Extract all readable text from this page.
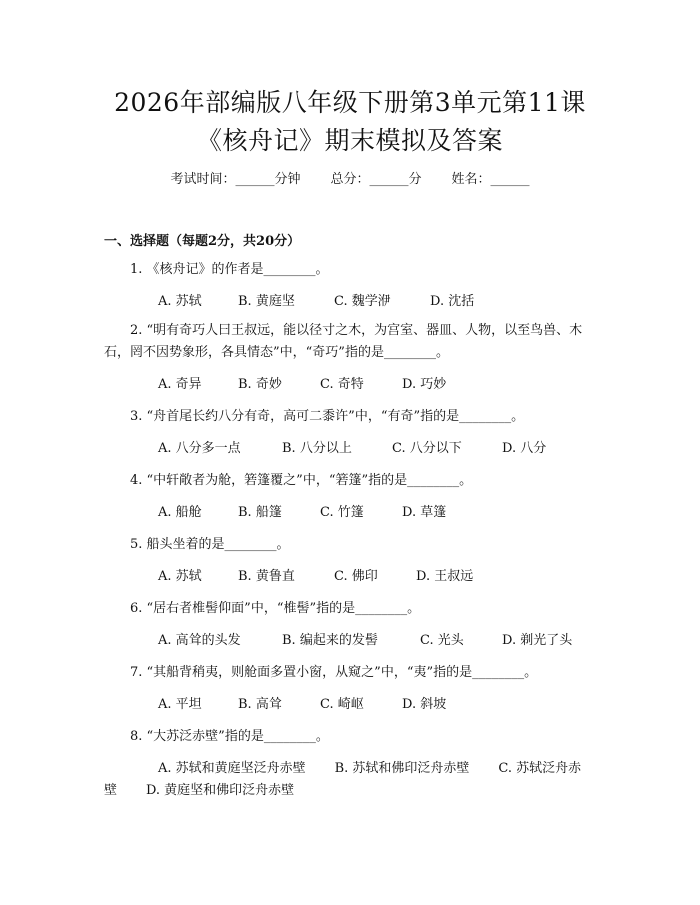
2026年部编版八年级下册第3单元第11课
《核舟记》期末模拟及答案
考试时间：______分钟 总分：______分 姓名：______
一、选择题（每题2分，共20分）
1. 《核舟记》的作者是________。
A. 苏轼	B. 黄庭坚	C. 魏学洢	D. 沈括
2. “明有奇巧人曰王叔远，能以径寸之木，为宫室、器皿、人物，以至鸟兽、木石，罔不因势象形，各具情态”中，“奇巧”指的是________。
A. 奇异	B. 奇妙	C. 奇特	D. 巧妙
3. “舟首尾长约八分有奇，高可二黍许”中，“有奇”指的是________。
A. 八分多一点	B. 八分以上	C. 八分以下	D. 八分
4. “中轩敞者为舱，箬篷覆之”中，“箬篷”指的是________。
A. 船舱	B. 船篷	C. 竹篷	D. 草篷
5. 船头坐着的是________。
A. 苏轼	B. 黄鲁直	C. 佛印	D. 王叔远
6. “居右者椎髻仰面”中，“椎髻”指的是________。
A. 高耸的头发	B. 编起来的发髻	C. 光头	D. 剃光了头
7. “其船背稍夷，则舱面多置小窗，从窥之”中，“夷”指的是________。
A. 平坦	B. 高耸	C. 崎岖	D. 斜坡
8. “大苏泛赤壁”指的是________。
A. 苏轼和黄庭坚泛舟赤壁 B. 苏轼和佛印泛舟赤壁 C. 苏轼泛舟赤壁 D. 黄庭坚和佛印泛舟赤壁
